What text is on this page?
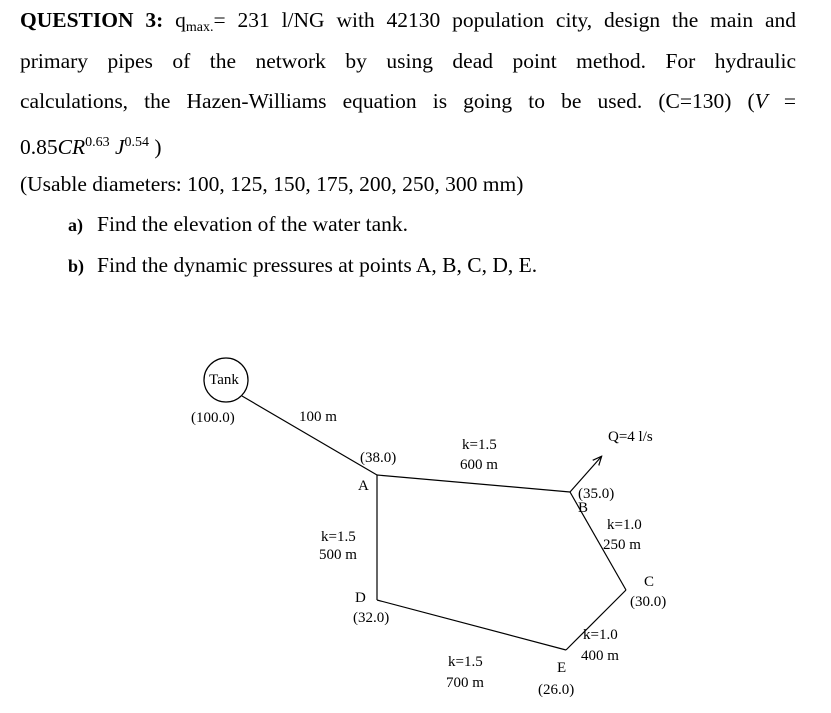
QUESTION 3: $q_{max.}= 231$ l/NG with 42130 population city, design the main and
primary pipes of the network by using dead point method. For hydraulic
calculations, the Hazen-Williams equation is going to be used. (C=130) (V =
$0.85CR^{0.63}$ $J^{0.54}$ )
(Usable diameters: 100, 125, 150, 175, 200, 250, 300 mm)
a) Find the elevation of the water tank.
b) Find the dynamic pressures at points A, B, C, D, E.
Tank
(100.0)	100 m
(38.0)
A
k=1.5
600 m
Q=4 l/s
(35.0)
B
k=1.0
250 m
C
(30.0)
k=1.5
500 m
D
(32.0)
k=1.0
400 m
E
(26.0)
k=1.5
700 m
